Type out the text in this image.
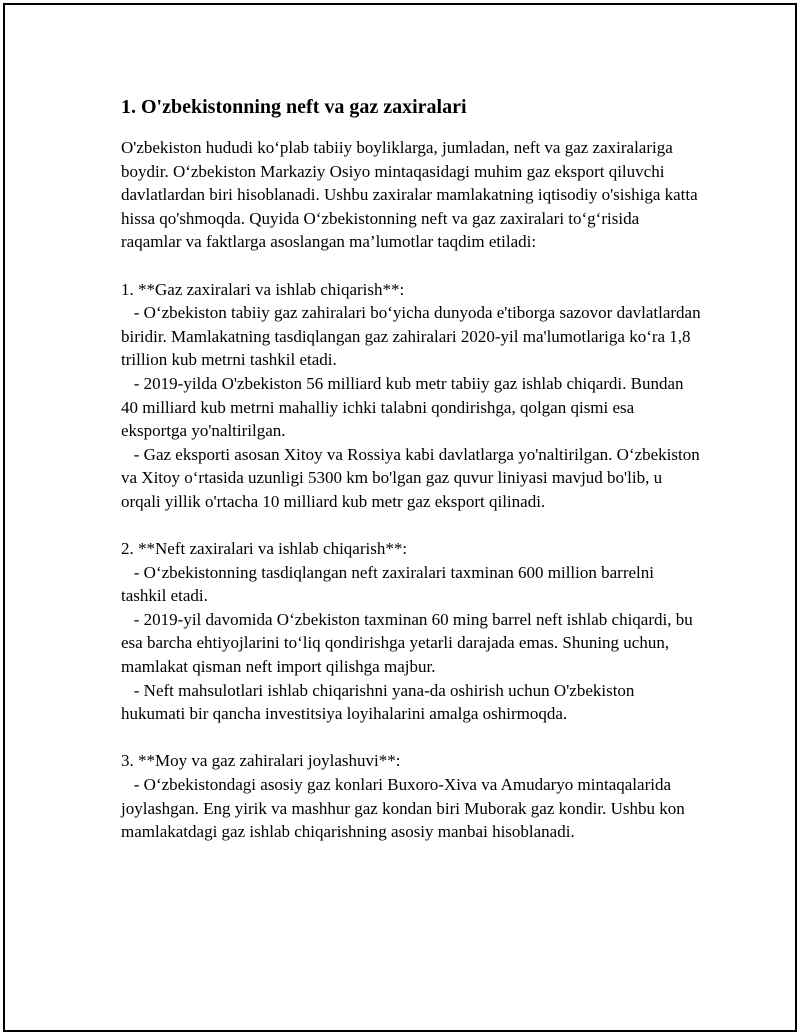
1. O'zbekistonning neft va gaz zaxiralari

O'zbekiston hududi ko‘plab tabiiy boyliklarga, jumladan, neft va gaz zaxiralariga boydir. O‘zbekiston Markaziy Osiyo mintaqasidagi muhim gaz eksport qiluvchi davlatlardan biri hisoblanadi. Ushbu zaxiralar mamlakatning iqtisodiy o'sishiga katta hissa qo'shmoqda. Quyida O‘zbekistonning neft va gaz zaxiralari to‘g‘risida raqamlar va faktlarga asoslangan ma’lumotlar taqdim etiladi:

1. **Gaz zaxiralari va ishlab chiqarish**:
- O‘zbekiston tabiiy gaz zahiralari bo‘yicha dunyoda e'tiborga sazovor davlatlardan biridir. Mamlakatning tasdiqlangan gaz zahiralari 2020-yil ma'lumotlariga ko‘ra 1,8 trillion kub metrni tashkil etadi.
- 2019-yilda O'zbekiston 56 milliard kub metr tabiiy gaz ishlab chiqardi. Bundan 40 milliard kub metrni mahalliy ichki talabni qondirishga, qolgan qismi esa eksportga yo'naltirilgan.
- Gaz eksporti asosan Xitoy va Rossiya kabi davlatlarga yo'naltirilgan. O‘zbekiston va Xitoy o‘rtasida uzunligi 5300 km bo'lgan gaz quvur liniyasi mavjud bo'lib, u orqali yillik o'rtacha 10 milliard kub metr gaz eksport qilinadi.

2. **Neft zaxiralari va ishlab chiqarish**:
- O‘zbekistonning tasdiqlangan neft zaxiralari taxminan 600 million barrelni tashkil etadi.
- 2019-yil davomida O‘zbekiston taxminan 60 ming barrel neft ishlab chiqardi, bu esa barcha ehtiyojlarini to‘liq qondirishga yetarli darajada emas. Shuning uchun, mamlakat qisman neft import qilishga majbur.
- Neft mahsulotlari ishlab chiqarishni yana-da oshirish uchun O'zbekiston hukumati bir qancha investitsiya loyihalarini amalga oshirmoqda.

3. **Moy va gaz zahiralari joylashuvi**:
- O‘zbekistondagi asosiy gaz konlari Buxoro-Xiva va Amudaryo mintaqalarida joylashgan. Eng yirik va mashhur gaz kondan biri Muborak gaz kondir. Ushbu kon mamlakatdagi gaz ishlab chiqarishning asosiy manbai hisoblanadi.
